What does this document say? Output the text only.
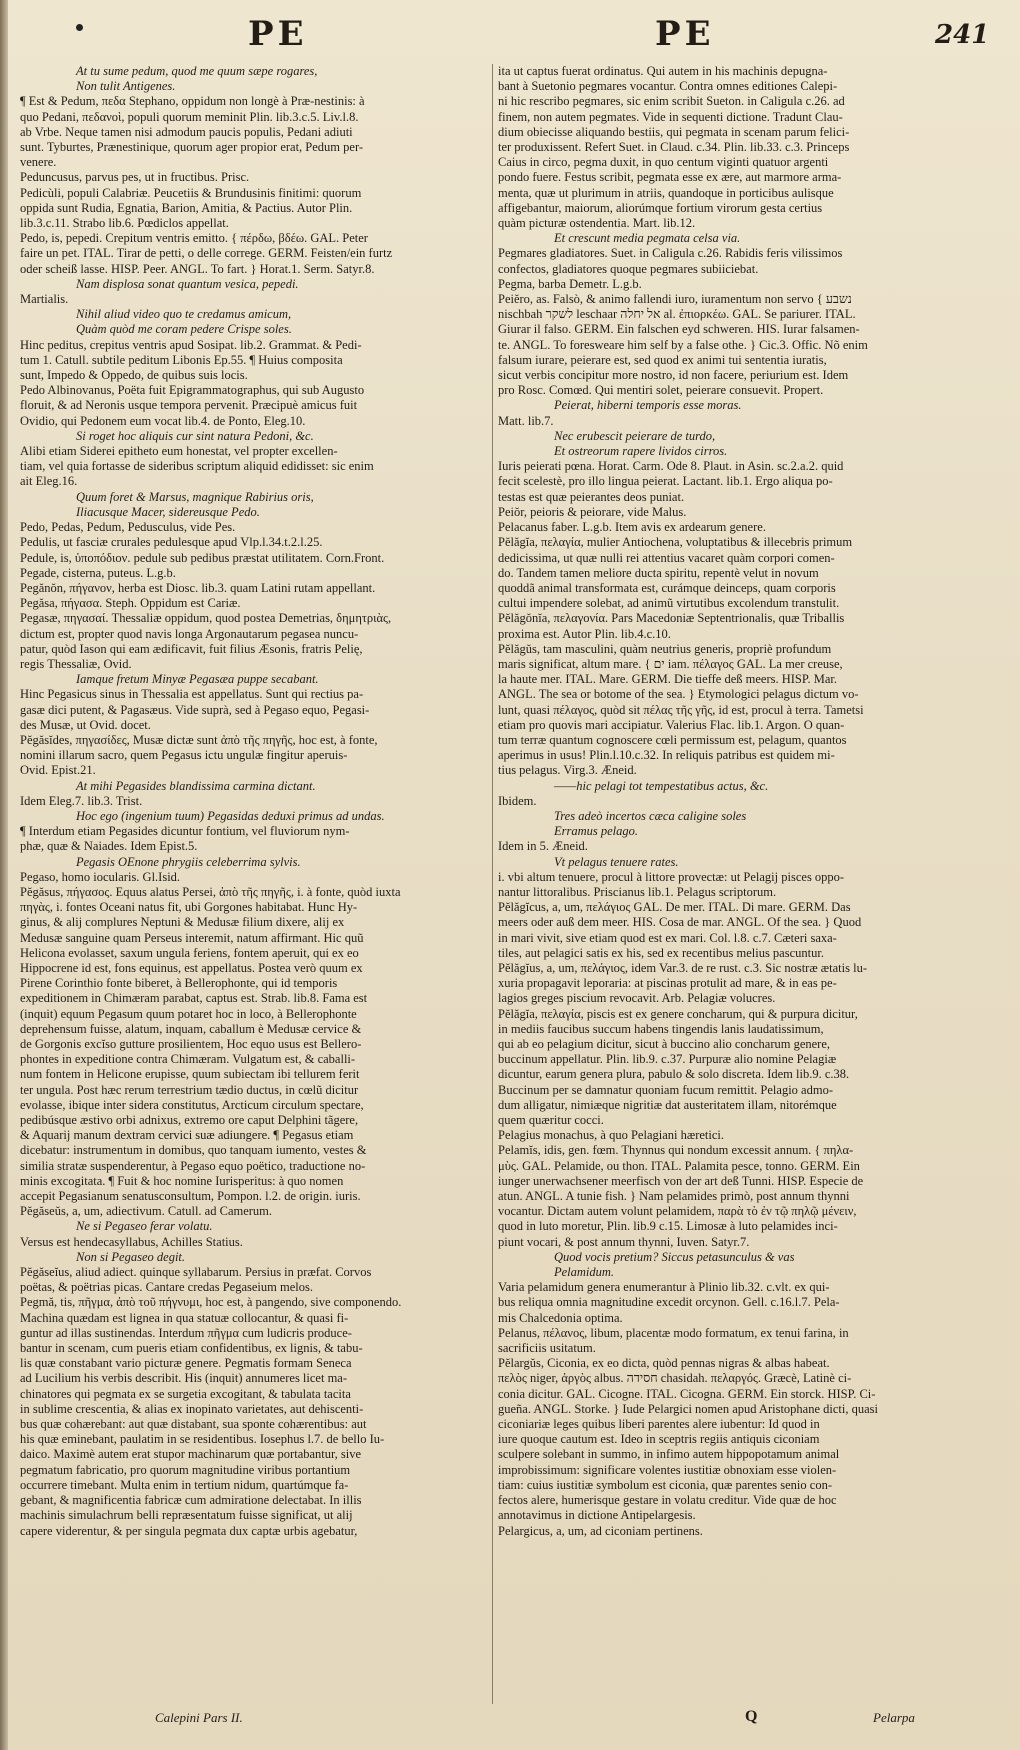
PE	PE	241
At tu sume pedum, quod me quum sæpe rogares,
Non tulit Antigenes.
¶ Est & Pedum, πεδα Stephano, oppidum non longè à Præ-nestinis: à
quo Pedani, πεδανοὶ, populi quorum meminit Plin. lib.3.c.5. Liv.l.8.
ab Vrbe. Neque tamen nisi admodum paucis populis, Pedani adiuti
sunt. Tyburtes, Prænestinique, quorum ager propior erat, Pedum per-
venere.
Peduncusus, parvus pes, ut in fructibus. Prisc.
Pedicùli, populi Calabriæ. Peucetiis & Brundusinis finitimi: quorum
oppida sunt Rudia, Egnatia, Barion, Amitia, & Pactius. Autor Plin.
lib.3.c.11. Strabo lib.6. Pœdiclos appellat.
Pedo, is, pepedi. Crepitum ventris emitto. { πέρδω, βδέω. GAL. Peter
faire un pet. ITAL. Tirar de petti, o delle correge. GERM. Feisten/ein furtz
oder scheiß lasse. HISP. Peer. ANGL. To fart. } Horat.1. Serm. Satyr.8.
Nam displosa sonat quantum vesica, pepedi.
Martialis.
Nihil aliud video quo te credamus amicum,
Quàm quòd me coram pedere Crispe soles.
Hinc peditus, crepitus ventris apud Sosipat. lib.2. Grammat. & Pedi-
tum 1. Catull. subtile peditum Libonis Ep.55. ¶ Huius composita
sunt, Impedo & Oppedo, de quibus suis locis.
Pedo Albinovanus, Poëta fuit Epigrammatographus, qui sub Augusto
floruit, & ad Neronis usque tempora pervenit. Præcipuè amicus fuit
Ovidio, qui Pedonem eum vocat lib.4. de Ponto, Eleg.10.
Si roget hoc aliquis cur sint natura Pedoni, &c.
Alibi etiam Siderei epitheto eum honestat, vel propter excellen-
tiam, vel quia fortasse de sideribus scriptum aliquid edidisset: sic enim
ait Eleg.16.
Quum foret & Marsus, magnique Rabirius oris,
Iliacusque Macer, sidereusque Pedo.
Pedo, Pedas, Pedum, Pedusculus, vide Pes.
Pedulis, ut fasciæ crurales pedulesque apud Vlp.l.34.t.2.l.25.
Pedule, is, ὑποπόδιον. pedule sub pedibus præstat utilitatem. Corn.Front.
Pegade, cisterna, puteus. L.g.b.
Pegănŏn, πήγανον, herba est Diosc. lib.3. quam Latini rutam appellant.
Pegăsa, πήγασα. Steph. Oppidum est Cariæ.
Pegasæ, πηγασαί. Thessaliæ oppidum, quod postea Demetrias, δημητριὰς,
dictum est, propter quod navis longa Argonautarum pegasea nuncu-
patur, quòd Iason qui eam ædificavit, fuit filius Æsonis, fratris Pelię,
regis Thessaliæ, Ovid.
Iamque fretum Minyæ Pegasæa puppe secabant.
Hinc Pegasicus sinus in Thessalia est appellatus. Sunt qui rectius pa-
gasæ dici putent, & Pagasæus. Vide suprà, sed à Pegaso equo, Pegasi-
des Musæ, ut Ovid. docet.
Pĕgăsĭdes, πηγασίδες, Musæ dictæ sunt ἀπὸ τῆς πηγῆς, hoc est, à fonte,
nomini illarum sacro, quem Pegasus ictu ungulæ fingitur aperuis-
Ovid. Epist.21.
At mihi Pegasides blandissima carmina dictant.
Idem Eleg.7. lib.3. Trist.
Hoc ego (ingenium tuum) Pegasidas deduxi primus ad undas.
¶ Interdum etiam Pegasides dicuntur fontium, vel fluviorum nym-
phæ, quæ & Naiades. Idem Epist.5.
Pegasis OEnone phrygiis celeberrima sylvis.
Pegaso, homo iocularis. Gl.Isid.
Pĕgăsus, πήγασος. Equus alatus Persei, ἀπὸ τῆς πηγῆς, i. à fonte, quòd iuxta
πηγὰς, i. fontes Oceani natus fit, ubi Gorgones habitabat. Hunc Hy-
ginus, & alij complures Neptuni & Medusæ filium dixere, alij ex
Medusæ sanguine quam Perseus interemit, natum affirmant. Hic quũ
Helicona evolasset, saxum ungula feriens, fontem aperuit, qui ex eo
Hippocrene id est, fons equinus, est appellatus. Postea verò quum ex
Pirene Corinthio fonte biberet, à Bellerophonte, qui id temporis
expeditionem in Chimæram parabat, captus est. Strab. lib.8. Fama est
(inquit) equum Pegasum quum potaret hoc in loco, à Bellerophonte
deprehensum fuisse, alatum, inquam, caballum è Medusæ cervice &
de Gorgonis excĭso gutture prosilientem, Hoc equo usus est Bellero-
phontes in expeditione contra Chimæram. Vulgatum est, & caballi-
num fontem in Helicone erupisse, quum subiectam ibi tellurem ferit
ter ungula. Post hæc rerum terrestrium tædio ductus, in cœlũ dicitur
evolasse, ibique inter sidera constitutus, Arcticum circulum spectare,
pedibúsque æstivo orbi adnixus, extremo ore caput Delphini tãgere,
& Aquarij manum dextram cervici suæ adiungere. ¶ Pegasus etiam
dicebatur: instrumentum in domibus, quo tanquam iumento, vestes &
similia stratæ suspenderentur, à Pegaso equo poëtico, traductione no-
minis excogitata. ¶ Fuit & hoc nomine Iurisperitus: à quo nomen
accepit Pegasianum senatusconsultum, Pompon. l.2. de origin. iuris.
Pĕgăseŭs, a, um, adiectivum. Catull. ad Camerum.
Ne si Pegaseo ferar volatu.
Versus est hendecasyllabus, Achilles Statius.
Non si Pegaseo degit.
Pĕgăseĭus, aliud adiect. quinque syllabarum. Persius in præfat. Corvos
poëtas, & poëtrias picas. Cantare credas Pegaseium melos.
Pegmă, tis, πῆγμα, ἀπὸ τοῦ πήγνυμι, hoc est, à pangendo, sive componendo.
Machina quædam est lignea in qua statuæ collocantur, & quasi fi-
guntur ad illas sustinendas. Interdum πῆγμα cum ludicris produce-
bantur in scenam, cum pueris etiam confidentibus, ex lignis, & tabu-
lis quæ constabant vario picturæ genere. Pegmatis formam Seneca
ad Lucilium his verbis describit. His (inquit) annumeres licet ma-
chinatores qui pegmata ex se surgetia excogitant, & tabulata tacita
in sublime crescentia, & alias ex inopinato varietates, aut dehiscenti-
bus quæ cohærebant: aut quæ distabant, sua sponte cohærentibus: aut
his quæ eminebant, paulatim in se residentibus. Iosephus l.7. de bello Iu-
daico. Maximè autem erat stupor machinarum quæ portabantur, sive
pegmatum fabricatio, pro quorum magnitudine viribus portantium
occurrere timebant. Multa enim in tertium nidum, quartúmque fa-
gebant, & magnificentia fabricæ cum admiratione delectabat. In illis
machinis simulachrum belli repræsentatum fuisse significat, ut alij
capere viderentur, & per singula pegmata dux captæ urbis agebatur,
ita ut captus fuerat ordinatus. Qui autem in his machinis depugna-
bant à Suetonio pegmares vocantur. Contra omnes editiones Calepi-
ni hic rescribo pegmares, sic enim scribit Sueton. in Caligula c.26. ad
finem, non autem pegmates. Vide in sequenti dictione. Tradunt Clau-
dium obiecisse aliquando bestiis, qui pegmata in scenam parum felici-
ter produxissent. Refert Suet. in Claud. c.34. Plin. lib.33. c.3. Princeps
Caius in circo, pegma duxit, in quo centum viginti quatuor argenti
pondo fuere. Festus scribit, pegmata esse ex ære, aut marmore arma-
menta, quæ ut plurimum in atriis, quandoque in porticibus aulisque
affigebantur, maiorum, aliorúmque fortium virorum gesta certius
quàm picturæ ostendentia. Mart. lib.12.
Et crescunt media pegmata celsa via.
Pegmares gladiatores. Suet. in Caligula c.26. Rabidis feris vilissimos
confectos, gladiatores quoque pegmares subiiciebat.
Pegma, barba Demetr. L.g.b.
Peiĕro, as. Falsò, & animo fallendi iuro, iuramentum non servo { נשבע
nischbah לשקר leschaar אל יחלה al. ἐπιορκέω. GAL. Se pariurer. ITAL.
Giurar il falso. GERM. Ein falschen eyd schweren. HIS. Iurar falsamen-
te. ANGL. To foresweare him self by a false othe. } Cic.3. Offic. Nõ enim
falsum iurare, peierare est, sed quod ex animi tui sententia iuratis,
sicut verbis concipitur more nostro, id non facere, periurium est. Idem
pro Rosc. Comœd. Qui mentiri solet, peierare consuevit. Propert.
Peierat, hiberni temporis esse moras.
Matt. lib.7.
Nec erubescit peierare de turdo,
Et ostreorum rapere lividos cirros.
Iuris peierati pœna. Horat. Carm. Ode 8. Plaut. in Asin. sc.2.a.2. quid
fecit scelestè, pro illo lingua peierat. Lactant. lib.1. Ergo aliqua po-
testas est quæ peierantes deos puniat.
Peiŏr, peioris & peiorare, vide Malus.
Pelacanus faber. L.g.b. Item avis ex ardearum genere.
Pĕlăgĭa, πελαγία, mulier Antiochena, voluptatibus & illecebris primum
dedicissima, ut quæ nulli rei attentius vacaret quàm corpori comen-
do. Tandem tamen meliore ducta spiritu, repentè velut in novum
quoddã animal transformata est, curámque deinceps, quam corporis
cultui impendere solebat, ad animũ virtutibus excolendum transtulit.
Pĕlăgŏnĭa, πελαγονία. Pars Macedoniæ Septentrionalis, quæ Triballis
proxima est. Autor Plin. lib.4.c.10.
Pĕlăgŭs, tam masculini, quàm neutrius generis, propriè profundum
maris significat, altum mare. { ים iam. πέλαγος GAL. La mer creuse,
la haute mer. ITAL. Mare. GERM. Die tieffe deß meers. HISP. Mar.
ANGL. The sea or botome of the sea. } Etymologici pelagus dictum vo-
lunt, quasi πέλαγος, quòd sit πέλας τῆς γῆς, id est, procul à terra. Tametsi
etiam pro quovis mari accipiatur. Valerius Flac. lib.1. Argon. O quan-
tum terræ quantum cognoscere cœli permissum est, pelagum, quantos
aperimus in usus! Plin.l.10.c.32. In reliquis patribus est quidem mi-
tius pelagus. Virg.3. Æneid.
——hic pelagi tot tempestatibus actus, &c.
Ibidem.
Tres adeò incertos cæca caligine soles
Erramus pelago.
Idem in 5. Æneid.
Vt pelagus tenuere rates.
i. vbi altum tenuere, procul à littore provectæ: ut Pelagij pisces oppo-
nantur littoralibus. Priscianus lib.1. Pelagus scriptorum.
Pĕlăgĭcus, a, um, πελάγιος GAL. De mer. ITAL. Di mare. GERM. Das
meers oder auß dem meer. HIS. Cosa de mar. ANGL. Of the sea. } Quod
in mari vivit, sive etiam quod est ex mari. Col. l.8. c.7. Cæteri saxa-
tiles, aut pelagici satis ex his, sed ex recentibus melius pascuntur.
Pĕlăgĭus, a, um, πελάγιος, idem Var.3. de re rust. c.3. Sic nostræ ætatis lu-
xuria propagavit leporaria: at piscinas protulit ad mare, & in eas pe-
lagios greges piscium revocavit. Arb. Pelagiæ volucres.
Pĕlăgĭa, πελαγία, piscis est ex genere concharum, qui & purpura dicitur,
in mediis faucibus succum habens tingendis lanis laudatissimum,
qui ab eo pelagium dicitur, sicut à buccino alio concharum genere,
buccinum appellatur. Plin. lib.9. c.37. Purpuræ alio nomine Pelagiæ
dicuntur, earum genera plura, pabulo & solo discreta. Idem lib.9. c.38.
Buccinum per se damnatur quoniam fucum remittit. Pelagio admo-
dum alligatur, nimiæque nigritiæ dat austeritatem illam, nitorémque
quem quæritur cocci.
Pelagius monachus, à quo Pelagiani hæretici.
Pelamĭs, idis, gen. fœm. Thynnus qui nondum excessit annum. { πηλα-
μὺς. GAL. Pelamide, ou thon. ITAL. Palamita pesce, tonno. GERM. Ein
iunger unerwachsener meerfisch von der art deß Tunni. HISP. Especie de
atun. ANGL. A tunie fish. } Nam pelamides primò, post annum thynni
vocantur. Dictam autem volunt pelamidem, παρὰ τὸ ἐν τῷ πηλῷ μένειν,
quod in luto moretur, Plin. lib.9 c.15. Limosæ à luto pelamides inci-
piunt vocari, & post annum thynni, Iuven. Satyr.7.
Quod vocis pretium? Siccus petasunculus & vas
Pelamidum.
Varia pelamidum genera enumerantur à Plinio lib.32. c.vlt. ex qui-
bus reliqua omnia magnitudine excedit orcynon. Gell. c.16.l.7. Pela-
mis Chalcedonia optima.
Pelanus, πέλανος, libum, placentæ modo formatum, ex tenui farina, in
sacrificiis usitatum.
Pĕlargŭs, Ciconia, ex eo dicta, quòd pennas nigras & albas habeat.
πελὸς niger, ἀργὸς albus. חסידה chasidah. πελαργός. Græcè, Latinè ci-
conia dicitur. GAL. Cicogne. ITAL. Cicogna. GERM. Ein storck. HISP. Ci-
gueña. ANGL. Storke. } Iude Pelargici nomen apud Aristophane dicti, quasi
ciconiariæ leges quibus liberi parentes alere iubentur: Id quod in
iure quoque cautum est. Ideo in sceptris regiis antiquis ciconiam
sculpere solebant in summo, in infimo autem hippopotamum animal
improbissimum: significare volentes iustitiæ obnoxiam esse violen-
tiam: cuius iustitiæ symbolum est ciconia, quæ parentes senio con-
fectos alere, humerisque gestare in volatu creditur. Vide quæ de hoc
annotavimus in dictione Antipelargesis.
Pelargicus, a, um, ad ciconiam pertinens.
Calepini Pars II.	Q	Pelarpa
